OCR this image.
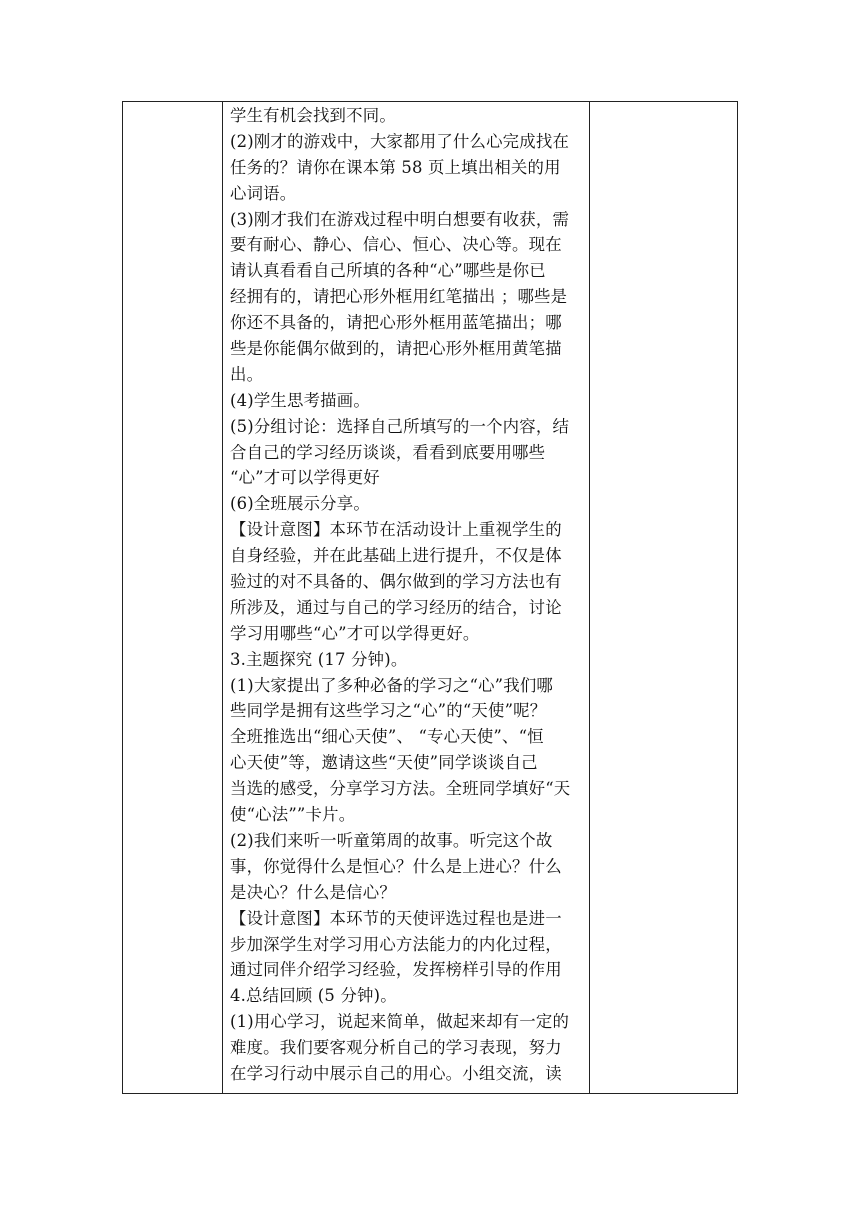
学生有机会找到不同。
(2)刚才的游戏中，大家都用了什么心完成找在
任务的？请你在课本第 58 页上填出相关的用
心词语。
(3)刚才我们在游戏过程中明白想要有收获，需
要有耐心、静心、信心、恒心、决心等。现在
请认真看看自己所填的各种“心”哪些是你已
经拥有的，请把心形外框用红笔描出 ；哪些是
你还不具备的，请把心形外框用蓝笔描出；哪
些是你能偶尔做到的，请把心形外框用黄笔描
出。
(4)学生思考描画。
(5)分组讨论：选择自己所填写的一个内容，结
合自己的学习经历谈谈，看看到底要用哪些
“心”才可以学得更好
(6)全班展示分享。
【设计意图】本环节在活动设计上重视学生的
自身经验，并在此基础上进行提升，不仅是体
验过的对不具备的、偶尔做到的学习方法也有
所涉及，通过与自己的学习经历的结合，讨论
学习用哪些“心”才可以学得更好。
3.主题探究 (17 分钟)。
(1)大家提出了多种必备的学习之“心”我们哪
些同学是拥有这些学习之“心”的“天使”呢？
全班推选出“细心天使”、 “专心天使”、“恒
心天使”等，邀请这些“天使”同学谈谈自己
当选的感受，分享学习方法。全班同学填好“天
使“心法””卡片。
(2)我们来听一听童第周的故事。听完这个故
事，你觉得什么是恒心？什么是上进心？什么
是决心？什么是信心？
【设计意图】本环节的天使评选过程也是进一
步加深学生对学习用心方法能力的内化过程，
通过同伴介绍学习经验，发挥榜样引导的作用
4.总结回顾 (5 分钟)。
(1)用心学习，说起来简单，做起来却有一定的
难度。我们要客观分析自己的学习表现，努力
在学习行动中展示自己的用心。小组交流，读
